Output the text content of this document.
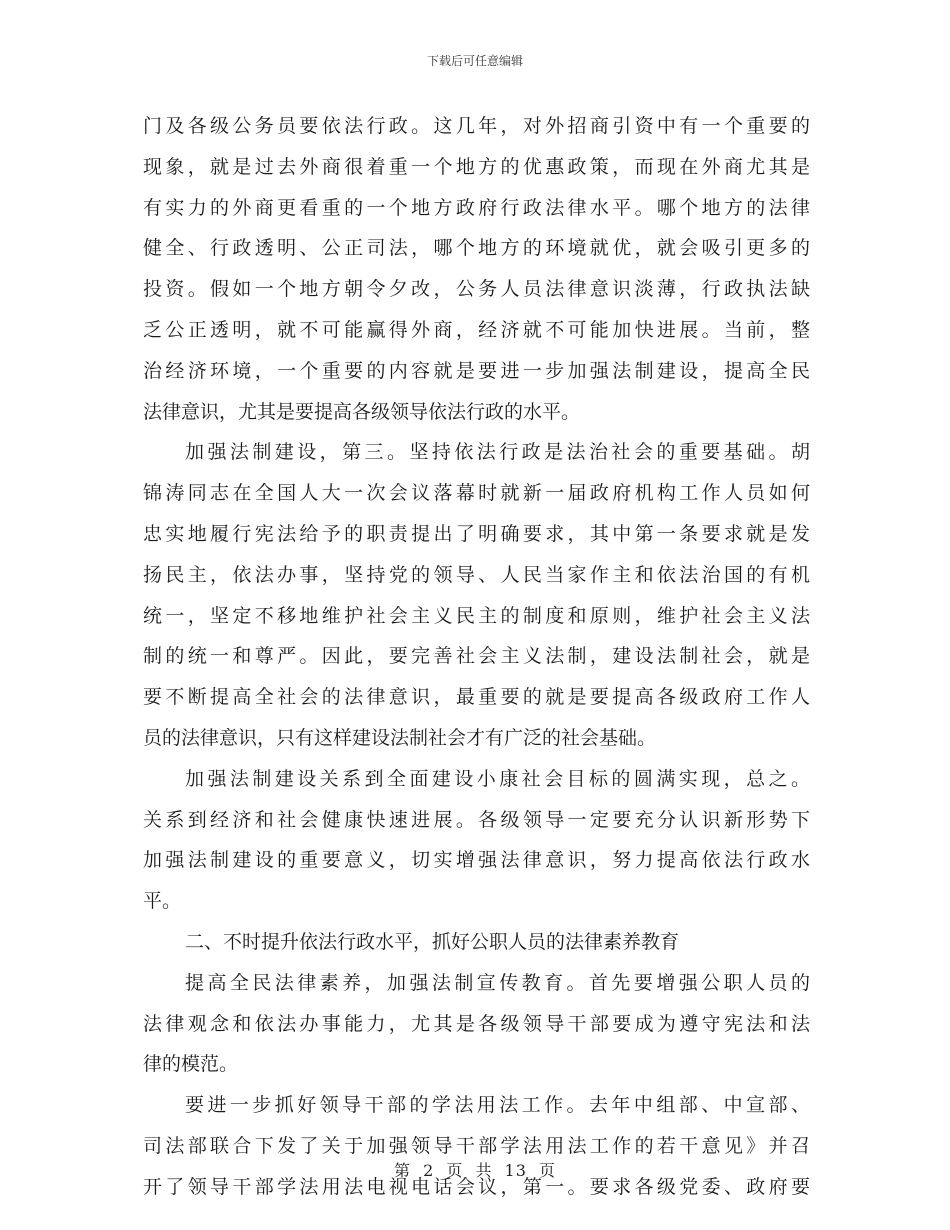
下载后可任意编辑
门及各级公务员要依法行政。这几年，对外招商引资中有一个重要的
现象，就是过去外商很着重一个地方的优惠政策，而现在外商尤其是
有实力的外商更看重的一个地方政府行政法律水平。哪个地方的法律
健全、行政透明、公正司法，哪个地方的环境就优，就会吸引更多的
投资。假如一个地方朝令夕改，公务人员法律意识淡薄，行政执法缺
乏公正透明，就不可能赢得外商，经济就不可能加快进展。当前，整
治经济环境，一个重要的内容就是要进一步加强法制建设，提高全民
法律意识，尤其是要提高各级领导依法行政的水平。
加强法制建设，第三。坚持依法行政是法治社会的重要基础。胡
锦涛同志在全国人大一次会议落幕时就新一届政府机构工作人员如何
忠实地履行宪法给予的职责提出了明确要求，其中第一条要求就是发
扬民主，依法办事，坚持党的领导、人民当家作主和依法治国的有机
统一，坚定不移地维护社会主义民主的制度和原则，维护社会主义法
制的统一和尊严。因此，要完善社会主义法制，建设法制社会，就是
要不断提高全社会的法律意识，最重要的就是要提高各级政府工作人
员的法律意识，只有这样建设法制社会才有广泛的社会基础。
加强法制建设关系到全面建设小康社会目标的圆满实现，总之。
关系到经济和社会健康快速进展。各级领导一定要充分认识新形势下
加强法制建设的重要意义，切实增强法律意识，努力提高依法行政水
平。
二、不时提升依法行政水平，抓好公职人员的法律素养教育
提高全民法律素养，加强法制宣传教育。首先要增强公职人员的
法律观念和依法办事能力，尤其是各级领导干部要成为遵守宪法和法
律的模范。
要进一步抓好领导干部的学法用法工作。去年中组部、中宣部、
司法部联合下发了关于加强领导干部学法用法工作的若干意见》并召
开了领导干部学法用法电视电话会议，第一。要求各级党委、政府要
第 2 页 共 13 页
